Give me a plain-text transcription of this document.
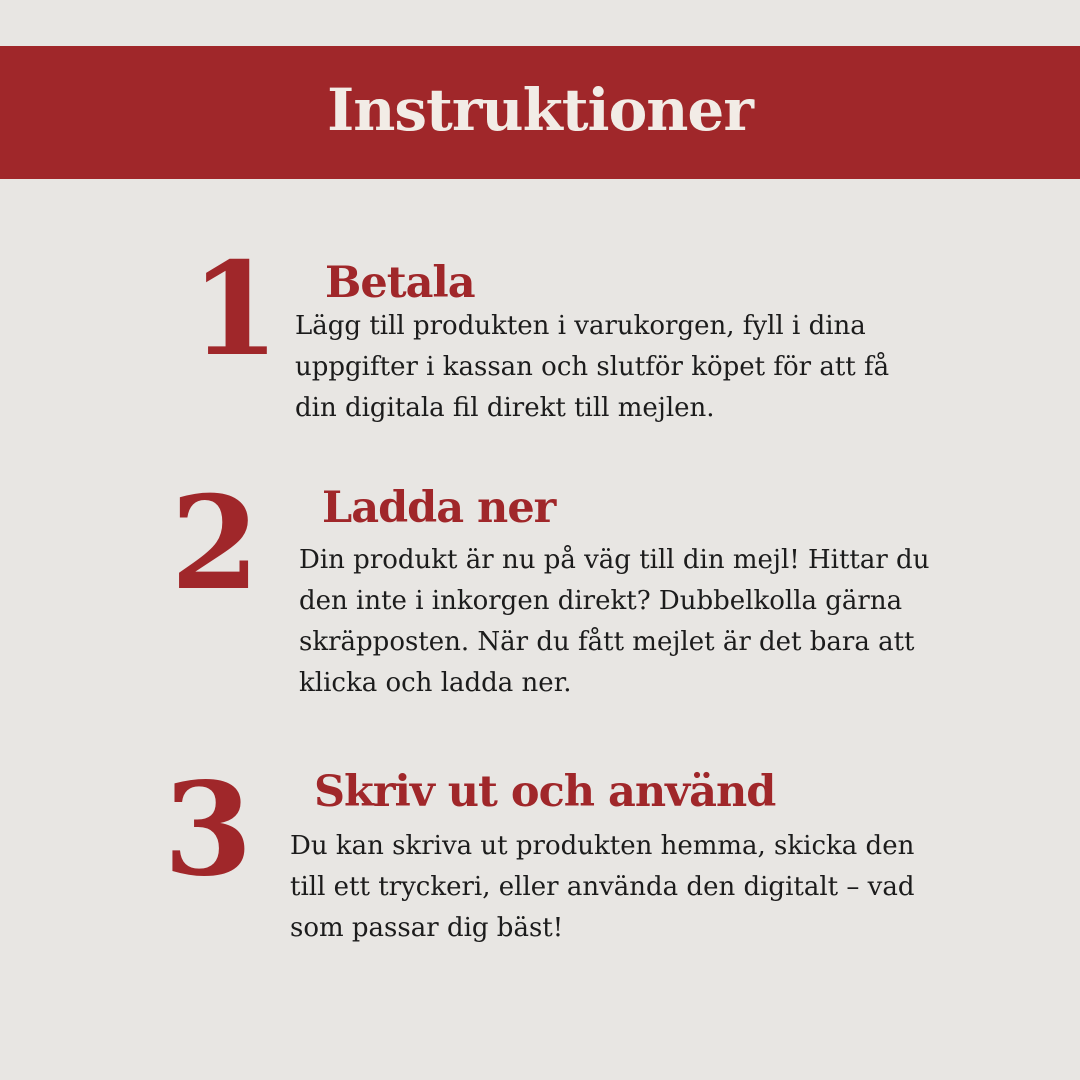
Instruktioner
1 Betala

Lägg till produkten i varukorgen, fyll i dina uppgifter i kassan och slutför köpet för att få din digitala fil direkt till mejlen.

2 Ladda ner

Din produkt är nu på väg till din mejl! Hittar du den inte i inkorgen direkt? Dubbelkolla gärna skräpposten. När du fått mejlet är det bara att klicka och ladda ner.

3 Skriv ut och använd

Du kan skriva ut produkten hemma, skicka den till ett tryckeri, eller använda den digitalt – vad som passar dig bäst!
